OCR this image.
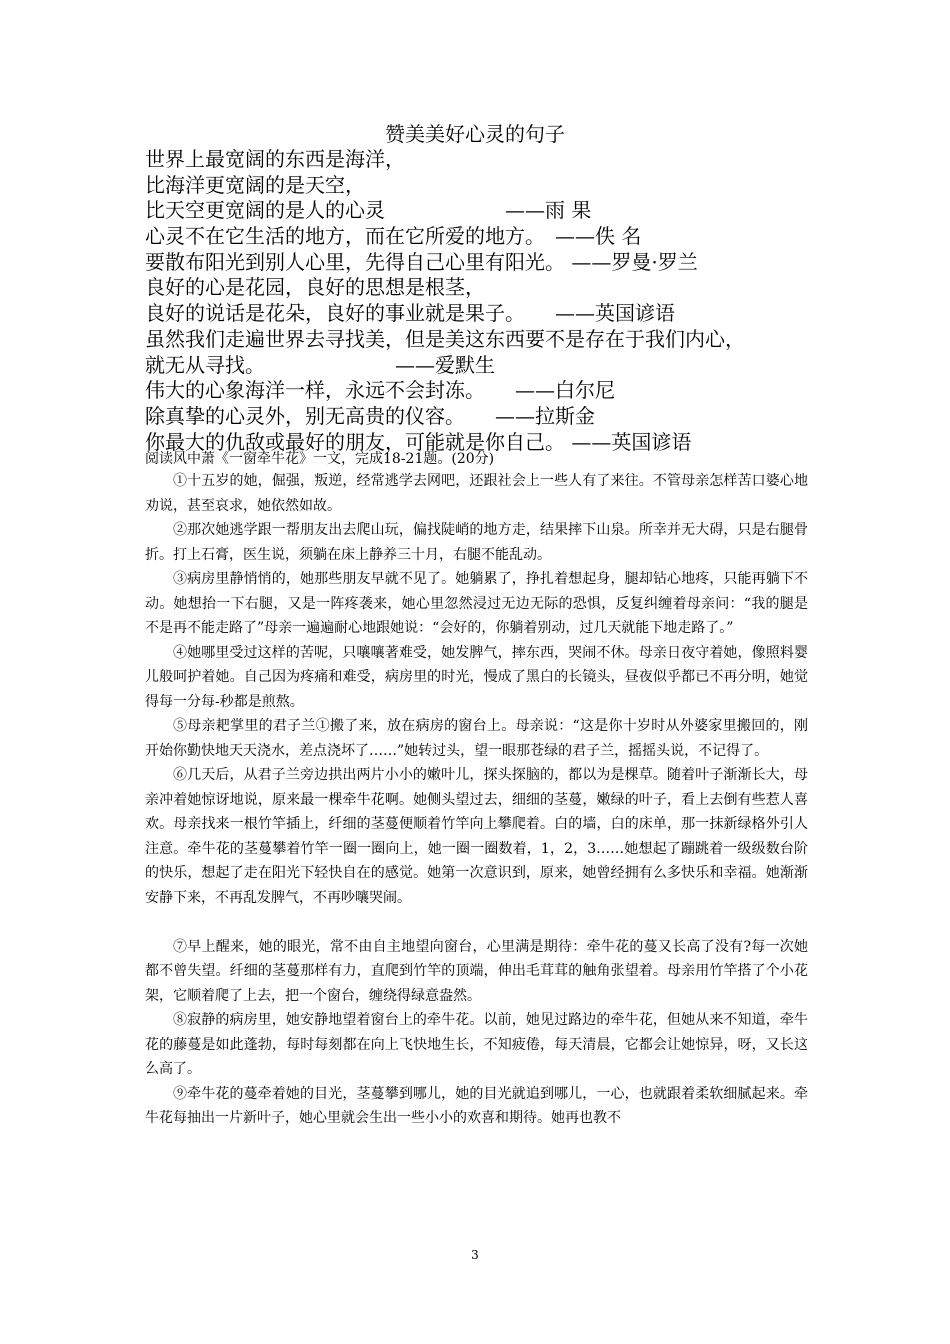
赞美美好心灵的句子
世界上最宽阔的东西是海洋，
比海洋更宽阔的是天空，
比天空更宽阔的是人的心灵　　　　　　——雨 果
心灵不在它生活的地方，而在它所爱的地方。　——佚 名
要散布阳光到别人心里，先得自己心里有阳光。 ——罗曼·罗兰
良好的心是花园，良好的思想是根茎，
良好的说话是花朵，良好的事业就是果子。　　——英国谚语
虽然我们走遍世界去寻找美，但是美这东西要不是存在于我们内心，
就无从寻找。　　　　　　　——爱默生
伟大的心象海洋一样，永远不会封冻。　　——白尔尼
除真挚的心灵外，别无高贵的仪容。　　——拉斯金
你最大的仇敌或最好的朋友，可能就是你自己。 ——英国谚语
阅读风中萧《一窗牵牛花》一文，完成18-21题。(20分)

①十五岁的她，倔强，叛逆，经常逃学去网吧，还跟社会上一些人有了来往。不管母亲怎样苦口婆心地劝说，甚至哀求，她依然如故。

②那次她逃学跟一帮朋友出去爬山玩，偏找陡峭的地方走，结果摔下山泉。所幸并无大碍，只是右腿骨折。打上石膏，医生说，须躺在床上静养三十月，右腿不能乱动。

③病房里静悄悄的，她那些朋友早就不见了。她躺累了，挣扎着想起身，腿却钻心地疼，只能再躺下不动。她想抬一下右腿，又是一阵疼袭来，她心里忽然浸过无边无际的恐惧，反复纠缠着母亲问：“我的腿是不是再不能走路了”母亲一遍遍耐心地跟她说：“会好的，你躺着别动，过几天就能下地走路了。”

④她哪里受过这样的苦呢，只嚷嚷著难受，她发脾气，摔东西，哭闹不休。母亲日夜守着她，像照料婴儿般呵护着她。自己因为疼痛和难受，病房里的时光，慢成了黑白的长镜头，昼夜似乎都已不再分明，她觉得每一分每-秒都是煎熬。

⑤母亲耙掌里的君子兰①搬了来，放在病房的窗台上。母亲说：“这是你十岁时从外婆家里搬回的，刚开始你勤快地天天浇水，差点浇坏了……”她转过头，望一眼那苍绿的君子兰，摇摇头说，不记得了。

⑥几天后，从君子兰旁边拱出两片小小的嫩叶儿，探头探脑的，都以为是棵草。随着叶子渐渐长大，母亲冲着她惊讶地说，原来最一棵牵牛花啊。她侧头望过去，细细的茎蔓，嫩绿的叶子，看上去倒有些惹人喜欢。母亲找来一根竹竿插上，纤细的茎蔓便顺着竹竿向上攀爬着。白的墙，白的床单，那一抹新绿格外引人注意。牵牛花的茎蔓攀着竹竿一圈一圈向上，她一圈一圈数着，1，2，3……她想起了蹦跳着一级级数台阶的快乐，想起了走在阳光下轻快自在的感觉。她第一次意识到，原来，她曾经拥有么多快乐和幸福。她渐渐安静下来，不再乱发脾气，不再吵嚷哭闹。

⑦早上醒来，她的眼光，常不由自主地望向窗台，心里满是期待：牵牛花的蔓又长高了没有?每一次她都不曾失望。纤细的茎蔓那样有力，直爬到竹竿的顶端，伸出毛茸茸的触角张望着。母亲用竹竿搭了个小花架，它顺着爬了上去，把一个窗台，缠绕得绿意盎然。

⑧寂静的病房里，她安静地望着窗台上的牵牛花。以前，她见过路边的牵牛花，但她从来不知道，牵牛花的藤蔓是如此蓬勃，每时每刻都在向上飞快地生长，不知疲倦，每天清晨，它都会让她惊异，呀，又长这么高了。

⑨牵牛花的蔓牵着她的目光，茎蔓攀到哪儿，她的目光就追到哪儿，一心，也就跟着柔软细腻起来。牵牛花每抽出一片新叶子，她心里就会生出一些小小的欢喜和期待。她再也教不

3
